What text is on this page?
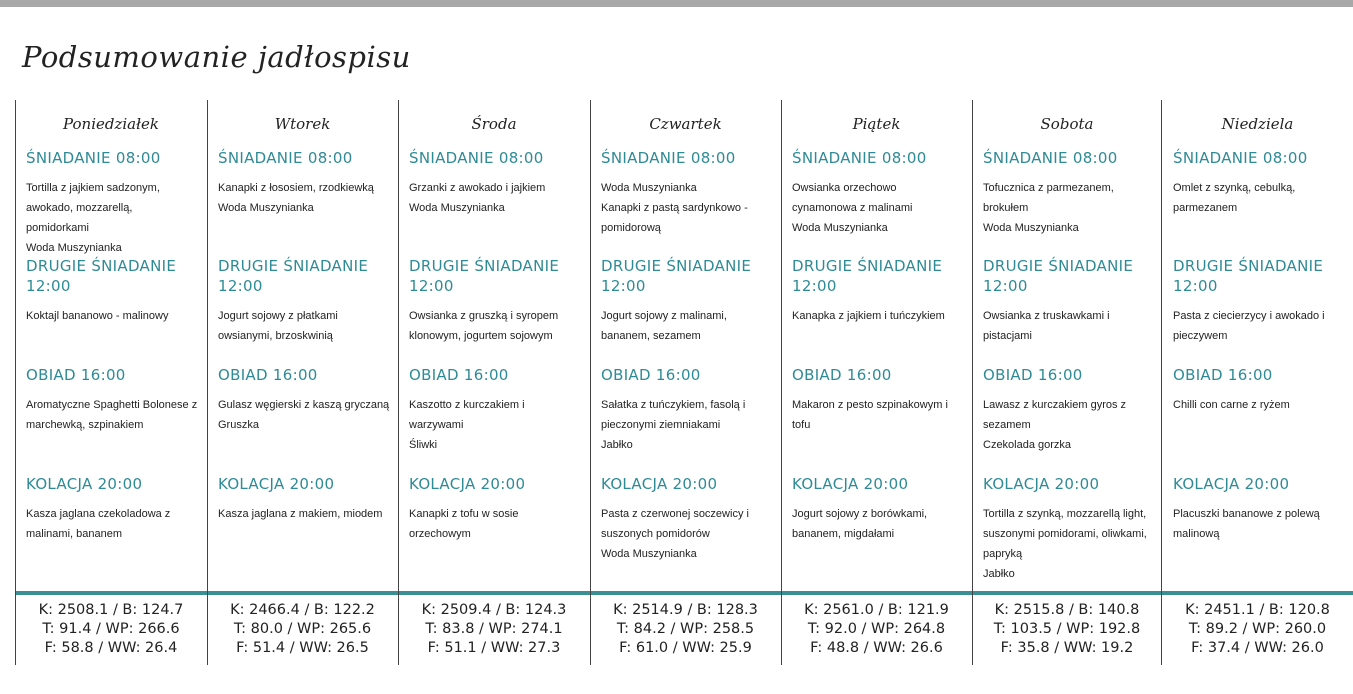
Podsumowanie jadłospisu
Poniedziałek
ŚNIADANIE 08:00
Tortilla z jajkiem sadzonym, awokado, mozzarellą, pomidorkami
Woda Muszynianka
DRUGIE ŚNIADANIE 12:00
Koktajl bananowo - malinowy
OBIAD 16:00
Aromatyczne Spaghetti Bolonese z marchewką, szpinakiem
KOLACJA 20:00
Kasza jaglana czekoladowa z malinami, bananem
K: 2508.1 / B: 124.7
T: 91.4 / WP: 266.6
F: 58.8 / WW: 26.4
Wtorek
ŚNIADANIE 08:00
Kanapki z łososiem, rzodkiewką
Woda Muszynianka
DRUGIE ŚNIADANIE 12:00
Jogurt sojowy z płatkami owsianymi, brzoskwinią
OBIAD 16:00
Gulasz węgierski z kaszą gryczaną
Gruszka
KOLACJA 20:00
Kasza jaglana z makiem, miodem
K: 2466.4 / B: 122.2
T: 80.0 / WP: 265.6
F: 51.4 / WW: 26.5
Środa
ŚNIADANIE 08:00
Grzanki z awokado i jajkiem
Woda Muszynianka
DRUGIE ŚNIADANIE 12:00
Owsianka z gruszką i syropem klonowym, jogurtem sojowym
OBIAD 16:00
Kaszotto z kurczakiem i warzywami
Śliwki
KOLACJA 20:00
Kanapki z tofu w sosie orzechowym
K: 2509.4 / B: 124.3
T: 83.8 / WP: 274.1
F: 51.1 / WW: 27.3
Czwartek
ŚNIADANIE 08:00
Woda Muszynianka
Kanapki z pastą sardynkowo - pomidorową
DRUGIE ŚNIADANIE 12:00
Jogurt sojowy z malinami, bananem, sezamem
OBIAD 16:00
Sałatka z tuńczykiem, fasolą i pieczonymi ziemniakami
Jabłko
KOLACJA 20:00
Pasta z czerwonej soczewicy i suszonych pomidorów
Woda Muszynianka
K: 2514.9 / B: 128.3
T: 84.2 / WP: 258.5
F: 61.0 / WW: 25.9
Piątek
ŚNIADANIE 08:00
Owsianka orzechowo cynamonowa z malinami
Woda Muszynianka
DRUGIE ŚNIADANIE 12:00
Kanapka z jajkiem i tuńczykiem
OBIAD 16:00
Makaron z pesto szpinakowym i tofu
KOLACJA 20:00
Jogurt sojowy z borówkami, bananem, migdałami
K: 2561.0 / B: 121.9
T: 92.0 / WP: 264.8
F: 48.8 / WW: 26.6
Sobota
ŚNIADANIE 08:00
Tofucznica z parmezanem, brokułem
Woda Muszynianka
DRUGIE ŚNIADANIE 12:00
Owsianka z truskawkami i pistacjami
OBIAD 16:00
Lawasz z kurczakiem gyros z sezamem
Czekolada gorzka
KOLACJA 20:00
Tortilla z szynką, mozzarellą light, suszonymi pomidorami, oliwkami, papryką
Jabłko
K: 2515.8 / B: 140.8
T: 103.5 / WP: 192.8
F: 35.8 / WW: 19.2
Niedziela
ŚNIADANIE 08:00
Omlet z szynką, cebulką, parmezanem
DRUGIE ŚNIADANIE 12:00
Pasta z ciecierzycy i awokado i pieczywem
OBIAD 16:00
Chilli con carne z ryżem
KOLACJA 20:00
Placuszki bananowe z polewą malinową
K: 2451.1 / B: 120.8
T: 89.2 / WP: 260.0
F: 37.4 / WW: 26.0
